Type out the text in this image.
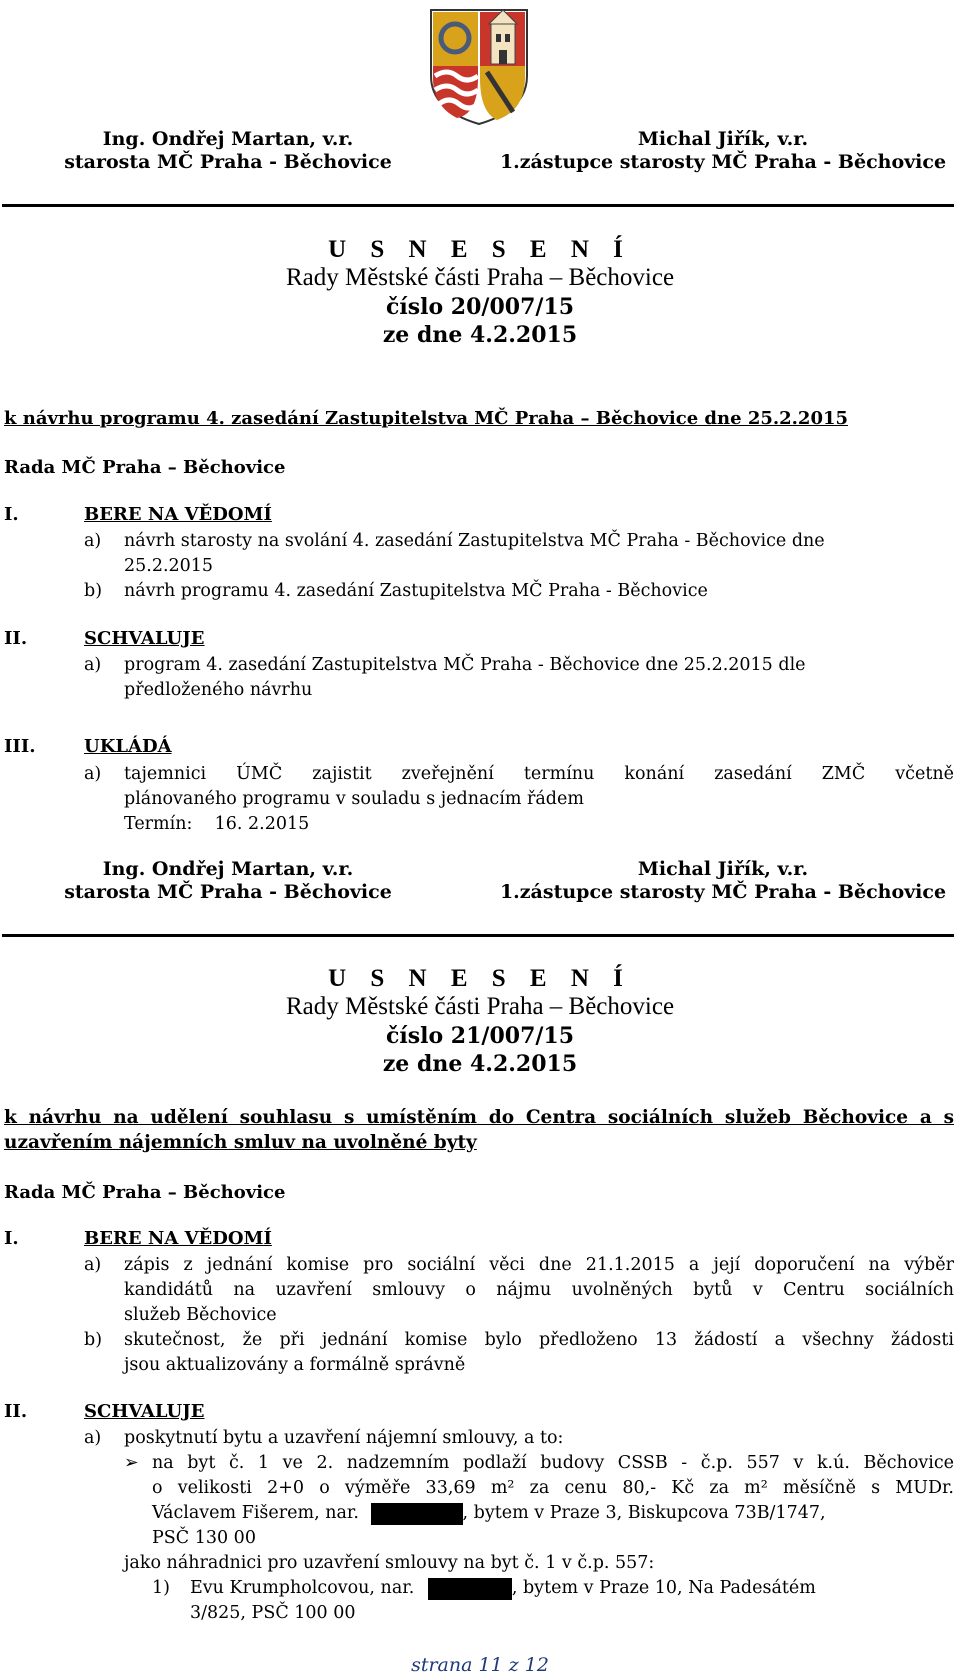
Ing. Ondřej Martan, v.r.
starosta MČ Praha - Běchovice
Michal Jiřík, v.r.
1.zástupce starosty MČ Praha - Běchovice
U S N E S E N Í
Rady Městské části Praha – Běchovice
číslo 20/007/15
ze dne 4.2.2015
k návrhu programu 4. zasedání Zastupitelstva MČ Praha – Běchovice dne 25.2.2015
Rada MČ Praha – Běchovice
I.	BERE NA VĚDOMÍ
a) návrh starosty na svolání 4. zasedání Zastupitelstva MČ Praha - Běchovice dne

25.2.2015

b) návrh programu 4. zasedání Zastupitelstva MČ Praha - Běchovice
II.	SCHVALUJE
a) program 4. zasedání Zastupitelstva MČ Praha - Běchovice dne 25.2.2015 dle

předloženého návrhu

III.	UKLÁDÁ
a) tajemnici ÚMČ zajistit zveřejnění termínu konání zasedání ZMČ včetně

plánovaného programu v souladu s jednacím řádem

Termín:    16. 2.2015

Ing. Ondřej Martan, v.r.
starosta MČ Praha - Běchovice
Michal Jiřík, v.r.
1.zástupce starosty MČ Praha - Běchovice
U S N E S E N Í
Rady Městské části Praha – Běchovice
číslo 21/007/15
ze dne 4.2.2015

k návrhu na udělení souhlasu s umístěním do Centra sociálních služeb Běchovice a s

uzavřením nájemních smluv na uvolněné byty

Rada MČ Praha – Běchovice
I.	BERE NA VĚDOMÍ
a) zápis z jednání komise pro sociální věci dne 21.1.2015 a její doporučení na výběr

kandidátů na uzavření smlouvy o nájmu uvolněných bytů v Centru sociálních

služeb Běchovice

b) skutečnost, že při jednání komise bylo předloženo 13 žádostí a všechny žádosti

jsou aktualizovány a formálně správně

II.	SCHVALUJE
a) poskytnutí bytu a uzavření nájemní smlouvy, a to:
➢ na byt č. 1 ve 2. nadzemním podlaží budovy CSSB - č.p. 557 v k.ú. Běchovice

o velikosti 2+0 o výměře 33,69 m² za cenu 80,- Kč za m² měsíčně s MUDr.

Václavem Fišerem, nar.	, bytem v Praze 3, Biskupcova 73B/1747,

PSČ 130 00

jako náhradnici pro uzavření smlouvy na byt č. 1 v č.p. 557:
1) Evu Krumpholcovou, nar.	, bytem v Praze 10, Na Padesátém

3/825, PSČ 100 00

strana 11 z 12
